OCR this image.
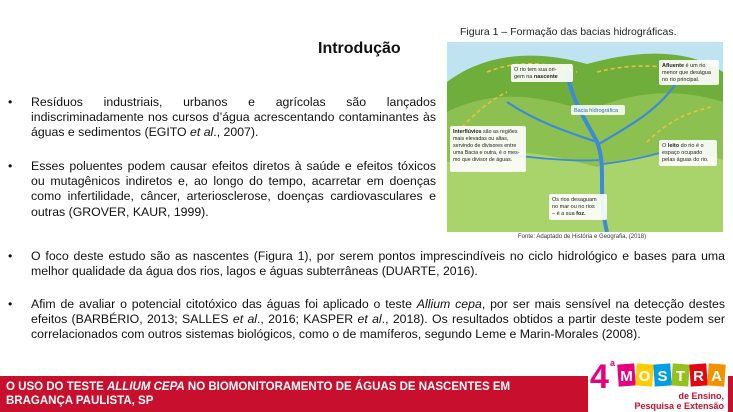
Introdução
Figura 1 – Formação das bacias hidrográficas.
O rio tem sua ori-
gem na nascente
Afluente é um rio
menor que deságua
no rio principal.
Bacia hidrográfica
Interflúvios são as regiões
mais elevadas ou altas,
servindo de divisores entre
uma Bacia e outra, é o mes-
mo que divisor de águas.
O leito do rio é o
espaço ocupado
pelas águas do rio.
Os rios desaguam
no mar ou no rios
– é a sua foz.
Fonte: Adaptado de História e Geografia, (2018)
• Resíduos industriais, urbanos e agrícolas são lançados indiscriminadamente nos cursos d’água acrescentando contaminantes às águas e sedimentos (EGITO et al., 2007).
• Esses poluentes podem causar efeitos diretos à saúde e efeitos tóxicos ou mutagênicos indiretos e, ao longo do tempo, acarretar em doenças como infertilidade, câncer, arteriosclerose, doenças cardiovasculares e outras (GROVER, KAUR, 1999).
• O foco deste estudo são as nascentes (Figura 1), por serem pontos imprescindíveis no ciclo hidrológico e bases para uma melhor qualidade da água dos rios, lagos e águas subterrâneas (DUARTE, 2016).
• Afim de avaliar o potencial citotóxico das águas foi aplicado o teste Allium cepa, por ser mais sensível na detecção destes efeitos (BARBÉRIO, 2013; SALLES et al., 2016; KASPER et al., 2018). Os resultados obtidos a partir deste teste podem ser correlacionados com outros sistemas biológicos, como o de mamíferos, segundo Leme e Marin-Morales (2008).
O USO DO TESTE ALLIUM CEPA NO BIOMONITORAMENTO DE ÁGUAS DE NASCENTES EM BRAGANÇA PAULISTA, SP
4 a
M O S T R A
de Ensino,
Pesquisa e Extensão
